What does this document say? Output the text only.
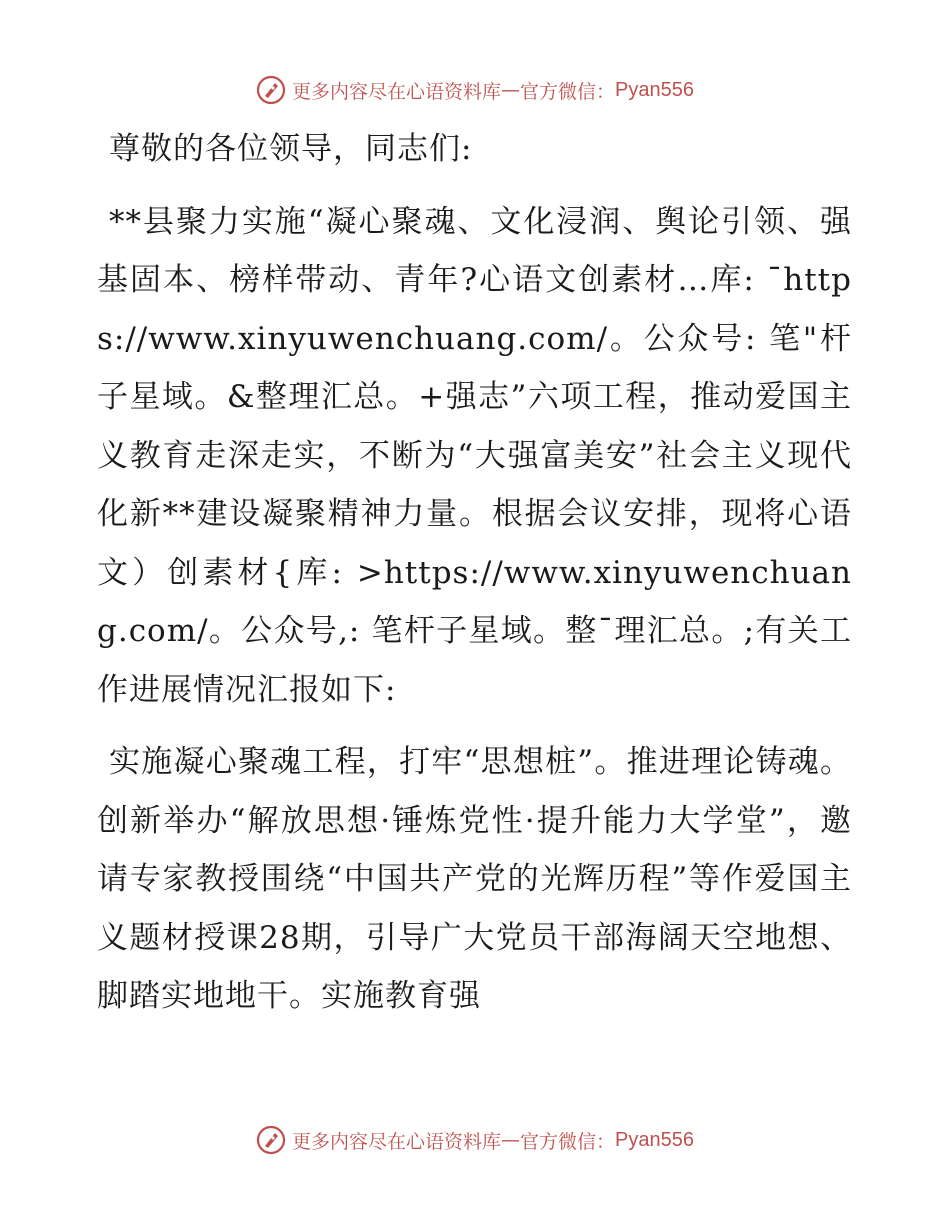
更多内容尽在心语资料库 — 官方微信： Pyan556

尊敬的各位领导，同志们:

**县聚力实施“凝心聚魂、文化浸润、舆论引领、强基固本、榜样带动、青年?心语文创素材…库: ¯https://www.xinyuwenchuang.com/。公众号: 笔"杆子星域。&整理汇总。+强志”六项工程，推动爱国主义教育走深走实，不断为“大强富美安”社会主义现代化新**建设凝聚精神力量。根据会议安排，现将心语文）创素材{库: >https://www.xinyuwenchuang.com/。公众号,: 笔杆子星域。整¯理汇总。;有关工作进展情况汇报如下:

实施凝心聚魂工程，打牢“思想桩”。推进理论铸魂。创新举办“解放思想·锤炼党性·提升能力大学堂”，邀请专家教授围绕“中国共产党的光辉历程”等作爱国主义题材授课28期，引导广大党员干部海阔天空地想、脚踏实地地干。实施教育强

更多内容尽在心语资料库 — 官方微信： Pyan556
